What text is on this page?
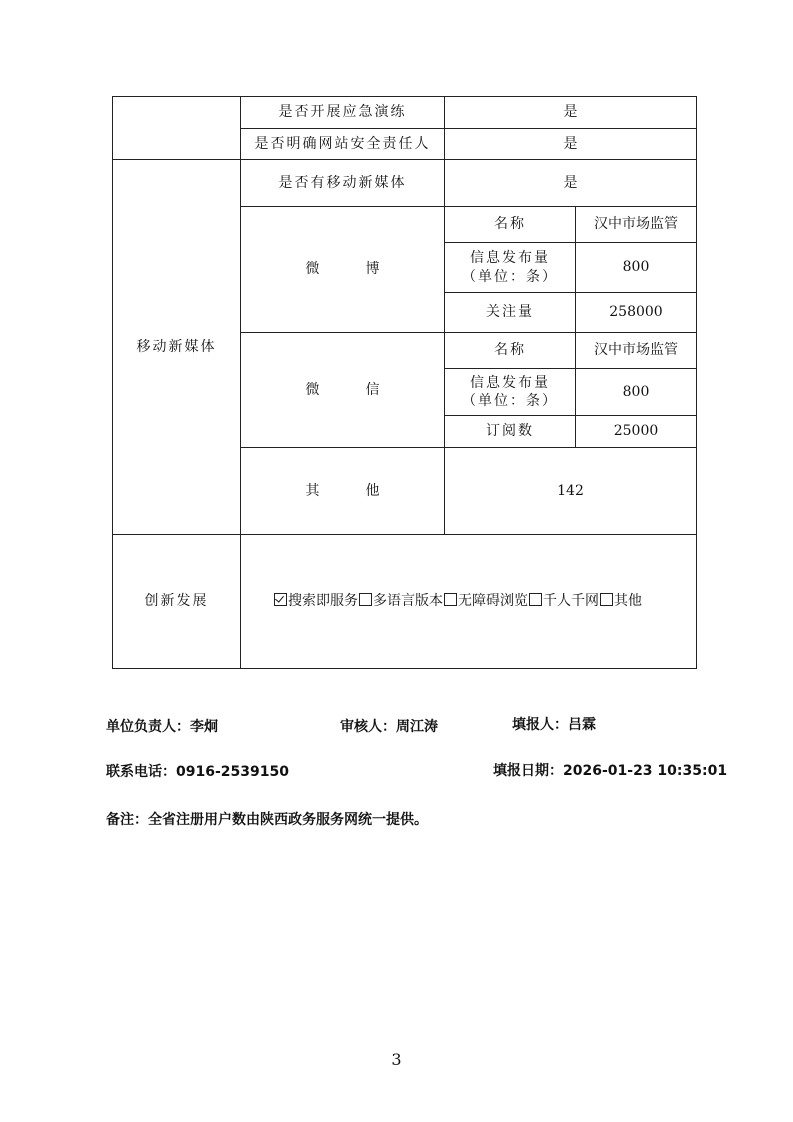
	是否开展应急演练	是	
	是否明确网站安全责任人	是	
移动新媒体	是否有移动新媒体	是	
	微　博	名称	汉中市场监管

		信息发布量
（单位：条）	800
		关注量	258000
	微　信	名称	汉中市场监管

		信息发布量
（单位：条）	800
		订阅数	25000
	其　他	142	
创新发展	搜索即服务 多语言版本 无障碍浏览 千人千网 其他		
单位负责人：李炯	审核人：周江涛	填报人：吕霖
联系电话：0916-2539150	填报日期：2026-01-23 10:35:01
备注：全省注册用户数由陕西政务服务网统一提供。
3
